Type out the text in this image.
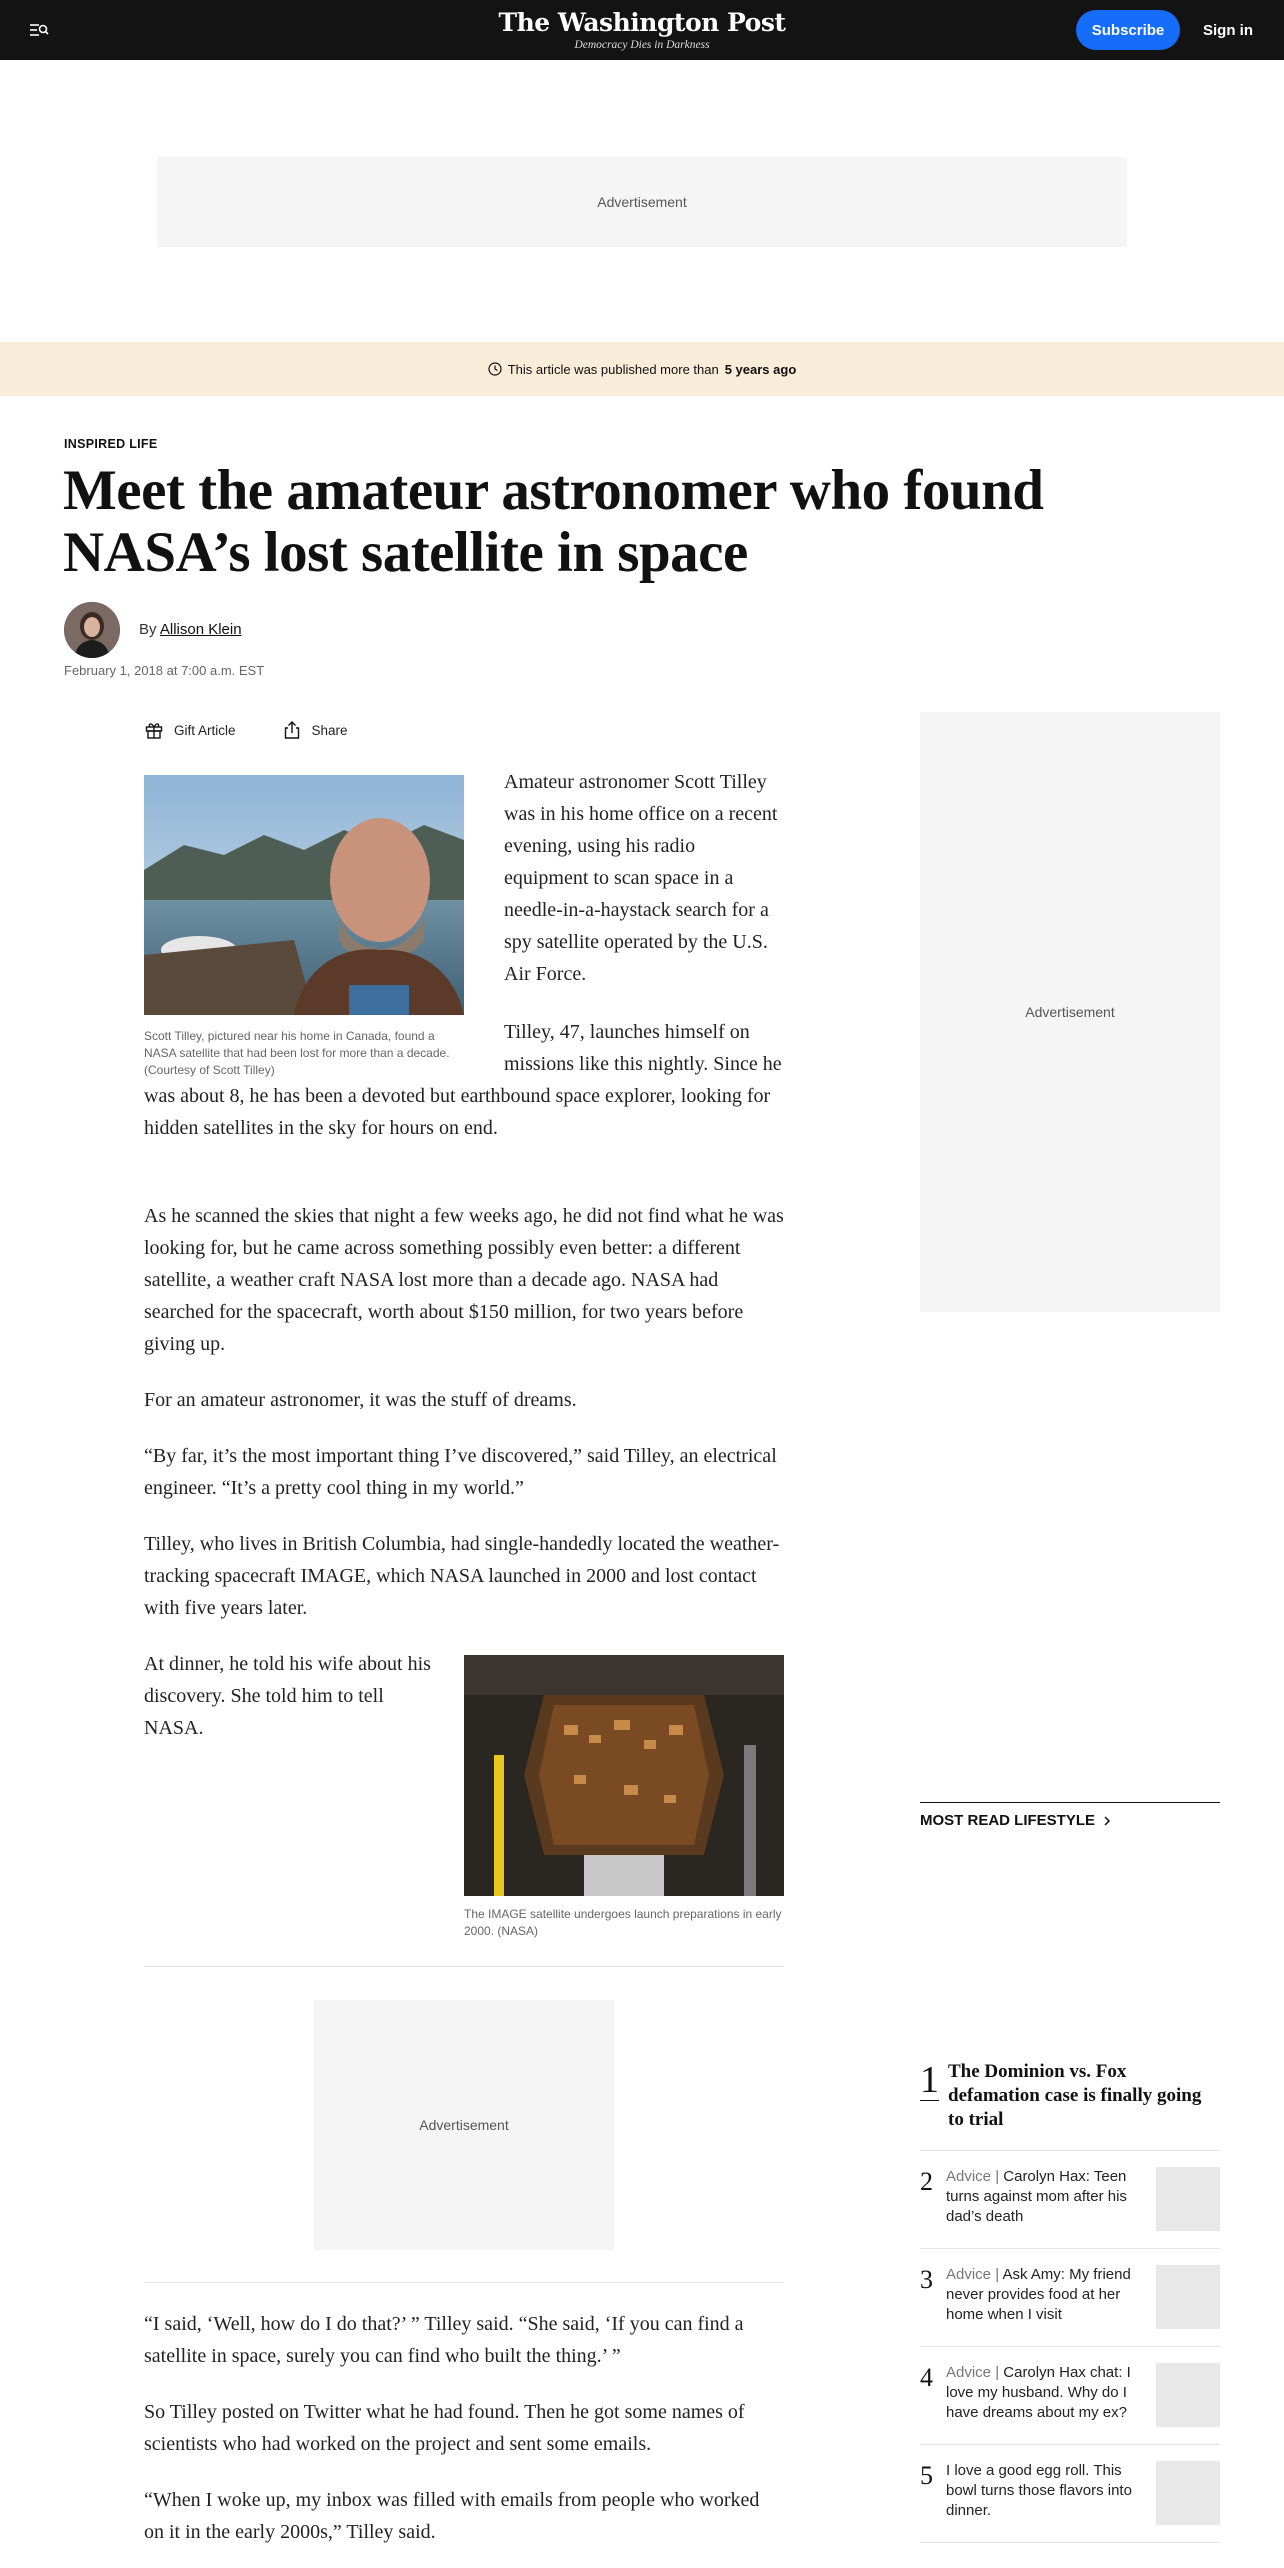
The Washington Post
Democracy Dies in Darkness
Subscribe	Sign in
Advertisement
This article was published more than 5 years ago
INSPIRED LIFE
Meet the amateur astronomer who found NASA’s lost satellite in space
By Allison Klein
February 1, 2018 at 7:00 a.m. EST
Gift Article	Share
Scott Tilley, pictured near his home in Canada, found a NASA satellite that had been lost for more than a decade. (Courtesy of Scott Tilley)

Amateur astronomer Scott Tilley was in his home office on a recent evening, using his radio equipment to scan space in a needle-in-a-haystack search for a spy satellite operated by the U.S. Air Force.

Tilley, 47, launches himself on missions like this nightly. Since he was about 8, he has been a devoted but earthbound space explorer, looking for hidden satellites in the sky for hours on end.

As he scanned the skies that night a few weeks ago, he did not find what he was looking for, but he came across something possibly even better: a different satellite, a weather craft NASA lost more than a decade ago. NASA had searched for the spacecraft, worth about $150 million, for two years before giving up.

For an amateur astronomer, it was the stuff of dreams.

“By far, it’s the most important thing I’ve discovered,” said Tilley, an electrical engineer. “It’s a pretty cool thing in my world.”

Tilley, who lives in British Columbia, had single-handedly located the weather-tracking spacecraft IMAGE, which NASA launched in 2000 and lost contact with five years later.

At dinner, he told his wife about his discovery. She told him to tell NASA.

The IMAGE satellite undergoes launch preparations in early 2000. (NASA)
Advertisement

“I said, ‘Well, how do I do that?’ ” Tilley said. “She said, ‘If you can find a satellite in space, surely you can find who built the thing.’ ”

So Tilley posted on Twitter what he had found. Then he got some names of scientists who had worked on the project and sent some emails.

“When I woke up, my inbox was filled with emails from people who worked on it in the early 2000s,” Tilley said.

Advertisement
MOST READ LIFESTYLE
1 The Dominion vs. Fox defamation case is finally going to trial
2 Advice | Carolyn Hax: Teen turns against mom after his dad’s death
3 Advice | Ask Amy: My friend never provides food at her home when I visit
4 Advice | Carolyn Hax chat: I love my husband. Why do I have dreams about my ex?
5 I love a good egg roll. This bowl turns those flavors into dinner.
